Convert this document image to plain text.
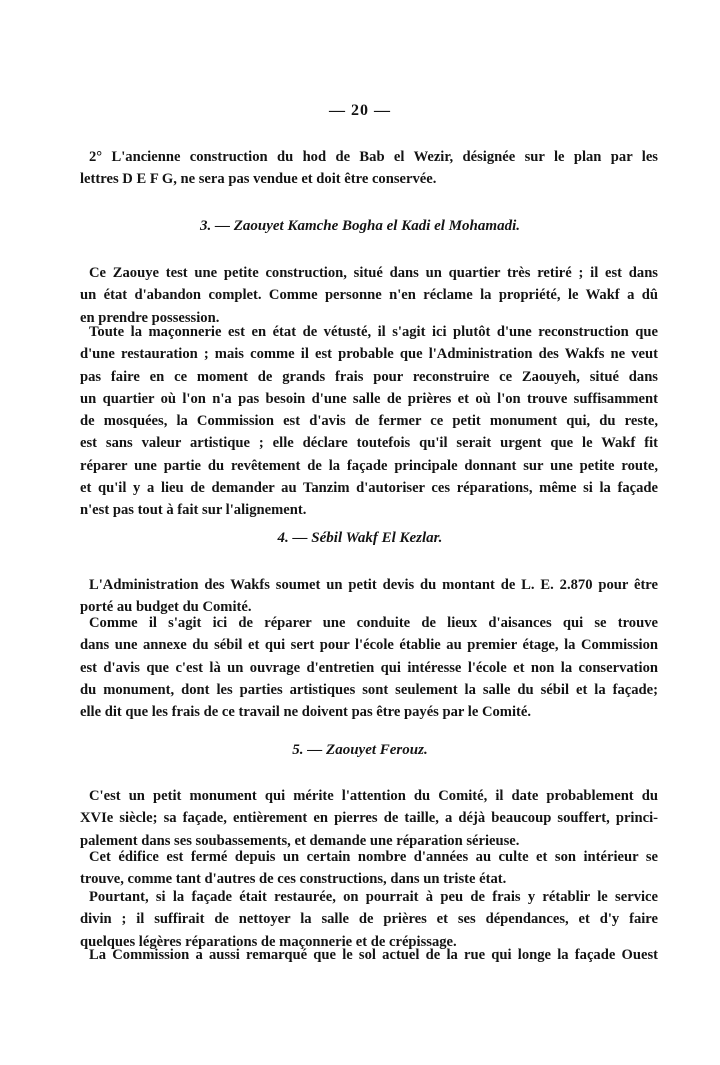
— 20 —
2° L'ancienne construction du hod de Bab el Wezir, désignée sur le plan par les
lettres D E F G, ne sera pas vendue et doit être conservée.
3. — Zaouyet Kamche Bogha el Kadi el Mohamadi.
Ce Zaouye test une petite construction, situé dans un quartier très retiré ; il est dans
un état d'abandon complet. Comme personne n'en réclame la propriété, le Wakf a dû
en prendre possession.
Toute la maçonnerie est en état de vétusté, il s'agit ici plutôt d'une reconstruction que
d'une restauration ; mais comme il est probable que l'Administration des Wakfs ne veut
pas faire en ce moment de grands frais pour reconstruire ce Zaouyeh, situé dans
un quartier où l'on n'a pas besoin d'une salle de prières et où l'on trouve suffisamment
de mosquées, la Commission est d'avis de fermer ce petit monument qui, du reste,
est sans valeur artistique ; elle déclare toutefois qu'il serait urgent que le Wakf fit
réparer une partie du revêtement de la façade principale donnant sur une petite route,
et qu'il y a lieu de demander au Tanzim d'autoriser ces réparations, même si la façade
n'est pas tout à fait sur l'alignement.
4. — Sébil Wakf El Kezlar.
L'Administration des Wakfs soumet un petit devis du montant de L. E. 2.870 pour être
porté au budget du Comité.
Comme il s'agit ici de réparer une conduite de lieux d'aisances qui se trouve
dans une annexe du sébil et qui sert pour l'école établie au premier étage, la Commission
est d'avis que c'est là un ouvrage d'entretien qui intéresse l'école et non la conservation
du monument, dont les parties artistiques sont seulement la salle du sébil et la façade;
elle dit que les frais de ce travail ne doivent pas être payés par le Comité.
5. — Zaouyet Ferouz.
C'est un petit monument qui mérite l'attention du Comité, il date probablement du
XVIe siècle; sa façade, entièrement en pierres de taille, a déjà beaucoup souffert, princi-
palement dans ses soubassements, et demande une réparation sérieuse.
Cet édifice est fermé depuis un certain nombre d'années au culte et son intérieur se
trouve, comme tant d'autres de ces constructions, dans un triste état.
Pourtant, si la façade était restaurée, on pourrait à peu de frais y rétablir le service
divin ; il suffirait de nettoyer la salle de prières et ses dépendances, et d'y faire
quelques légères réparations de maçonnerie et de crépissage.
La Commission a aussi remarqué que le sol actuel de la rue qui longe la façade Ouest
